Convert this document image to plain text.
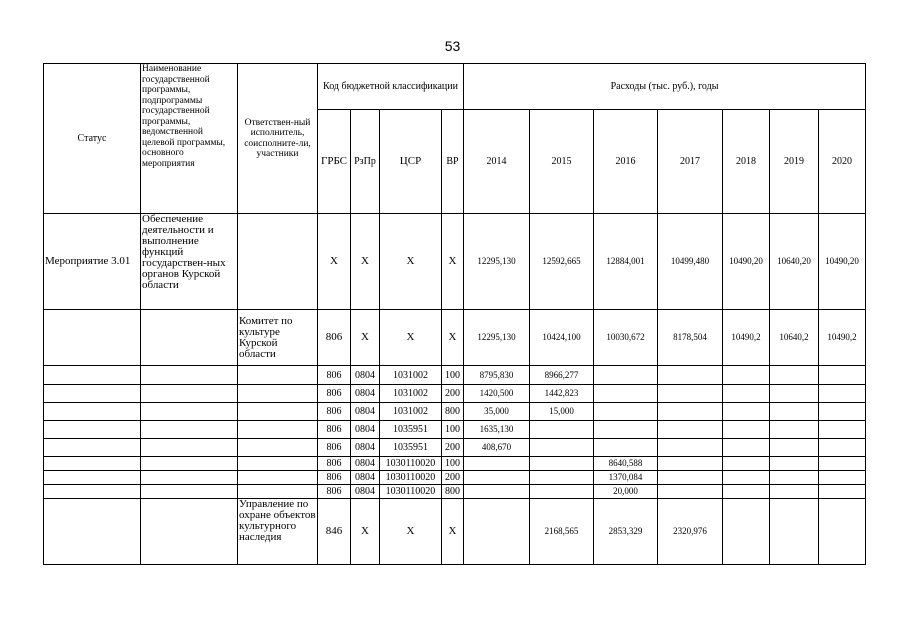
53
Статус	Наименование государственной программы, подпрограммы государственной программы, ведомственной целевой программы, основного мероприятия	Ответствен-ный исполнитель, соисполните-ли, участники	Код бюджетной классификации				Расходы (тыс. руб.), годы						
			ГРБС	РзПр	ЦСР	ВР	2014	2015	2016	2017	2018	2019	2020
Мероприятие 3.01	Обеспечение деятельности и выполнение функций государствен-ных органов Курской области		Х	Х	Х	Х	12295,130	12592,665	12884,001	10499,480	10490,20	10640,20	10490,20
		Комитет по культуре Курской области	806	Х	Х	Х	12295,130	10424,100	10030,672	8178,504	10490,2	10640,2	10490,2
			806	0804	1031002	100	8795,830	8966,277					
			806	0804	1031002	200	1420,500	1442,823					
			806	0804	1031002	800	35,000	15,000					
			806	0804	1035951	100	1635,130						
			806	0804	1035951	200	408,670						
			806	0804	1030110020	100			8640,588				
			806	0804	1030110020	200			1370,084				
			806	0804	1030110020	800			20,000				
		Управление по охране объектов культурного наследия	846	Х	Х	Х		2168,565	2853,329	2320,976			
